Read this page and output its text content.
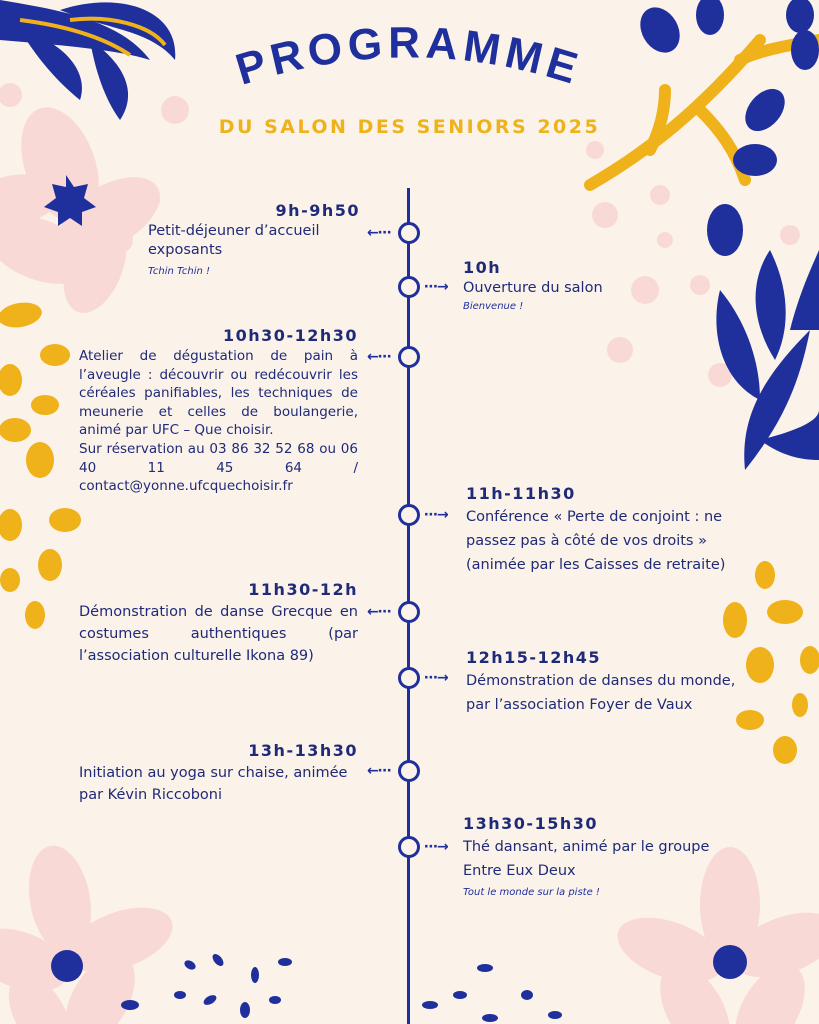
PROGRAMME
DU SALON DES SENIORS 2025
←⋯
⋯→
←⋯
⋯→
←⋯
⋯→
←⋯
⋯→
9h-9h50
Petit-déjeuner d’accueil exposants
Tchin Tchin !	10h
Ouverture du salon
Bienvenue !
10h30-12h30
Atelier de dégustation de pain à l’aveugle : découvrir ou redécouvrir les céréales panifiables, les techniques de meunerie et celles de boulangerie, animé par UFC – Que choisir.
Sur réservation au 03 86 32 52 68 ou 06 40 11 45 64 / contact@yonne.ufcquechoisir.fr	11h-11h30
Conférence « Perte de conjoint : ne passez pas à côté de vos droits » (animée par les Caisses de retraite)
11h30-12h
Démonstration de danse Grecque en costumes authentiques (par l’association culturelle Ikona 89)	12h15-12h45
Démonstration de danses du monde, par l’association Foyer de Vaux
13h-13h30
Initiation au yoga sur chaise, animée par Kévin Riccoboni
13h30-15h30
Thé dansant, animé par le groupe Entre Eux Deux
Tout le monde sur la piste !
